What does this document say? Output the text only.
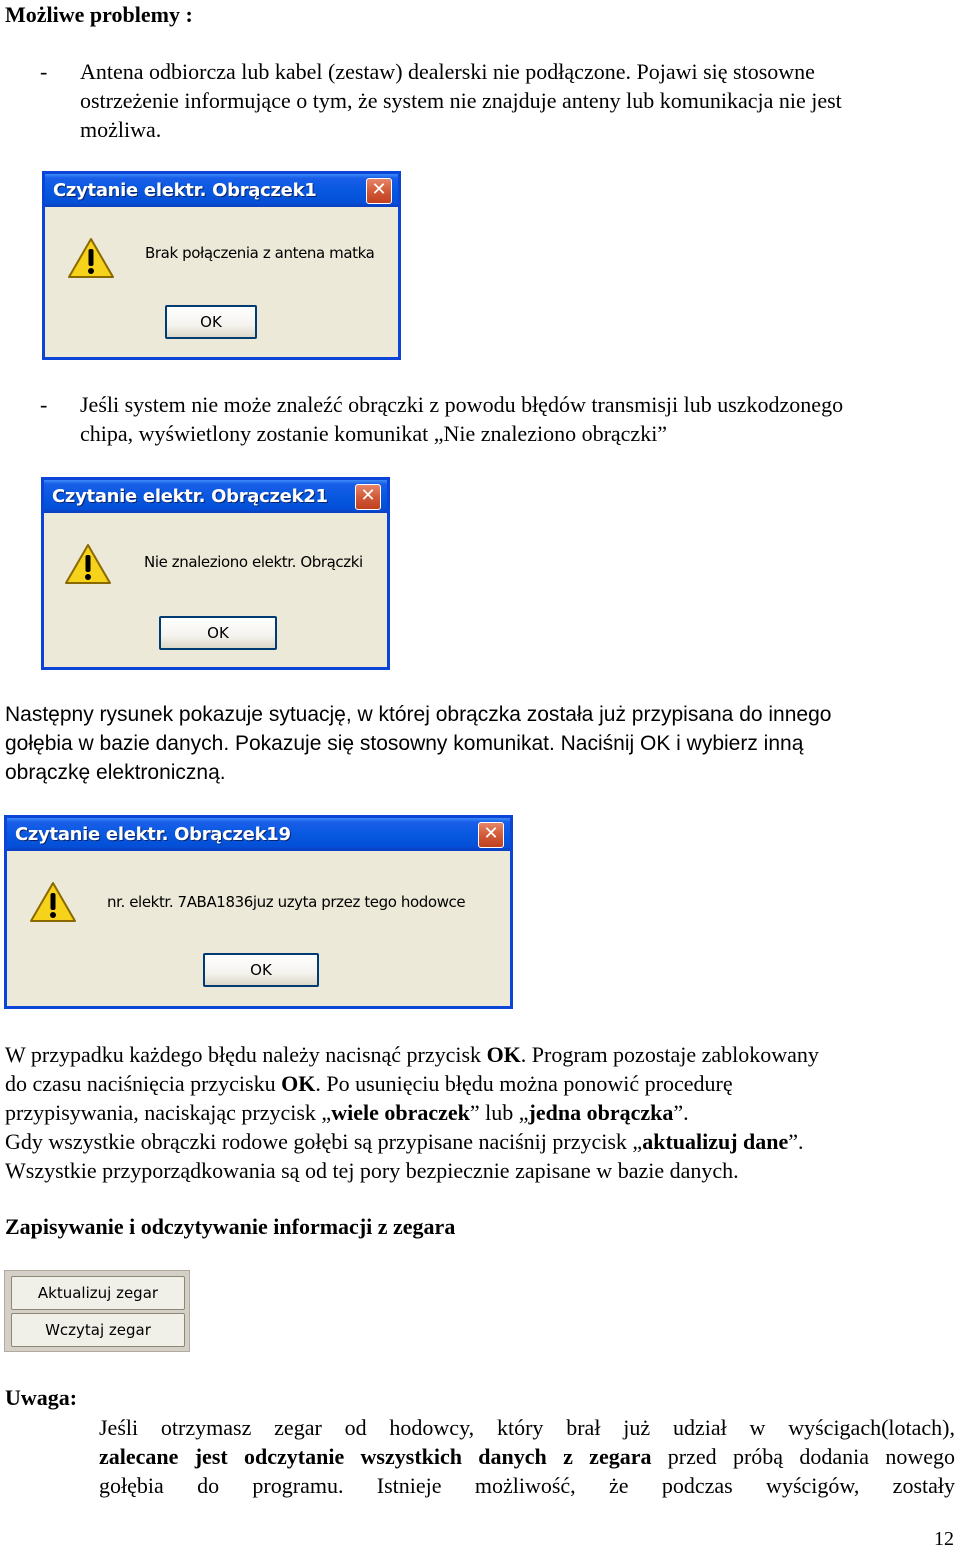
Możliwe problemy :
- Antena odbiorcza lub kabel (zestaw) dealerski nie podłączone. Pojawi się stosowne
ostrzeżenie informujące o tym, że system nie znajduje anteny lub komunikacja nie jest
możliwa.
Czytanie elektr. Obrączek1	✕
Brak połączenia z antena matka
OK
- Jeśli system nie może znaleźć obrączki z powodu błędów transmisji lub uszkodzonego
chipa, wyświetlony zostanie komunikat „Nie znaleziono obrączki”
Czytanie elektr. Obrączek21	✕
Nie znaleziono elektr. Obrączki
OK
Następny rysunek pokazuje sytuację, w której obrączka została już przypisana do innego
gołębia w bazie danych. Pokazuje się stosowny komunikat. Naciśnij OK i wybierz inną
obrączkę elektroniczną.
Czytanie elektr. Obrączek19	✕
nr. elektr. 7ABA1836juz uzyta przez tego hodowce
OK
W przypadku każdego błędu należy nacisnąć przycisk OK. Program pozostaje zablokowany
do czasu naciśnięcia przycisku OK. Po usunięciu błędu można ponowić procedurę
przypisywania, naciskając przycisk „wiele obraczek” lub „jedna obrączka”.
Gdy wszystkie obrączki rodowe gołębi są przypisane naciśnij przycisk „aktualizuj dane”.
Wszystkie przyporządkowania są od tej pory bezpiecznie zapisane w bazie danych.
Zapisywanie i odczytywanie informacji z zegara
Aktualizuj zegar
Wczytaj zegar
Uwaga:
Jeśli otrzymasz zegar od hodowcy, który brał już udział w wyścigach(lotach),
zalecane jest odczytanie wszystkich danych z zegara przed próbą dodania nowego
gołębia do programu. Istnieje możliwość, że podczas wyścigów, zostały
12
